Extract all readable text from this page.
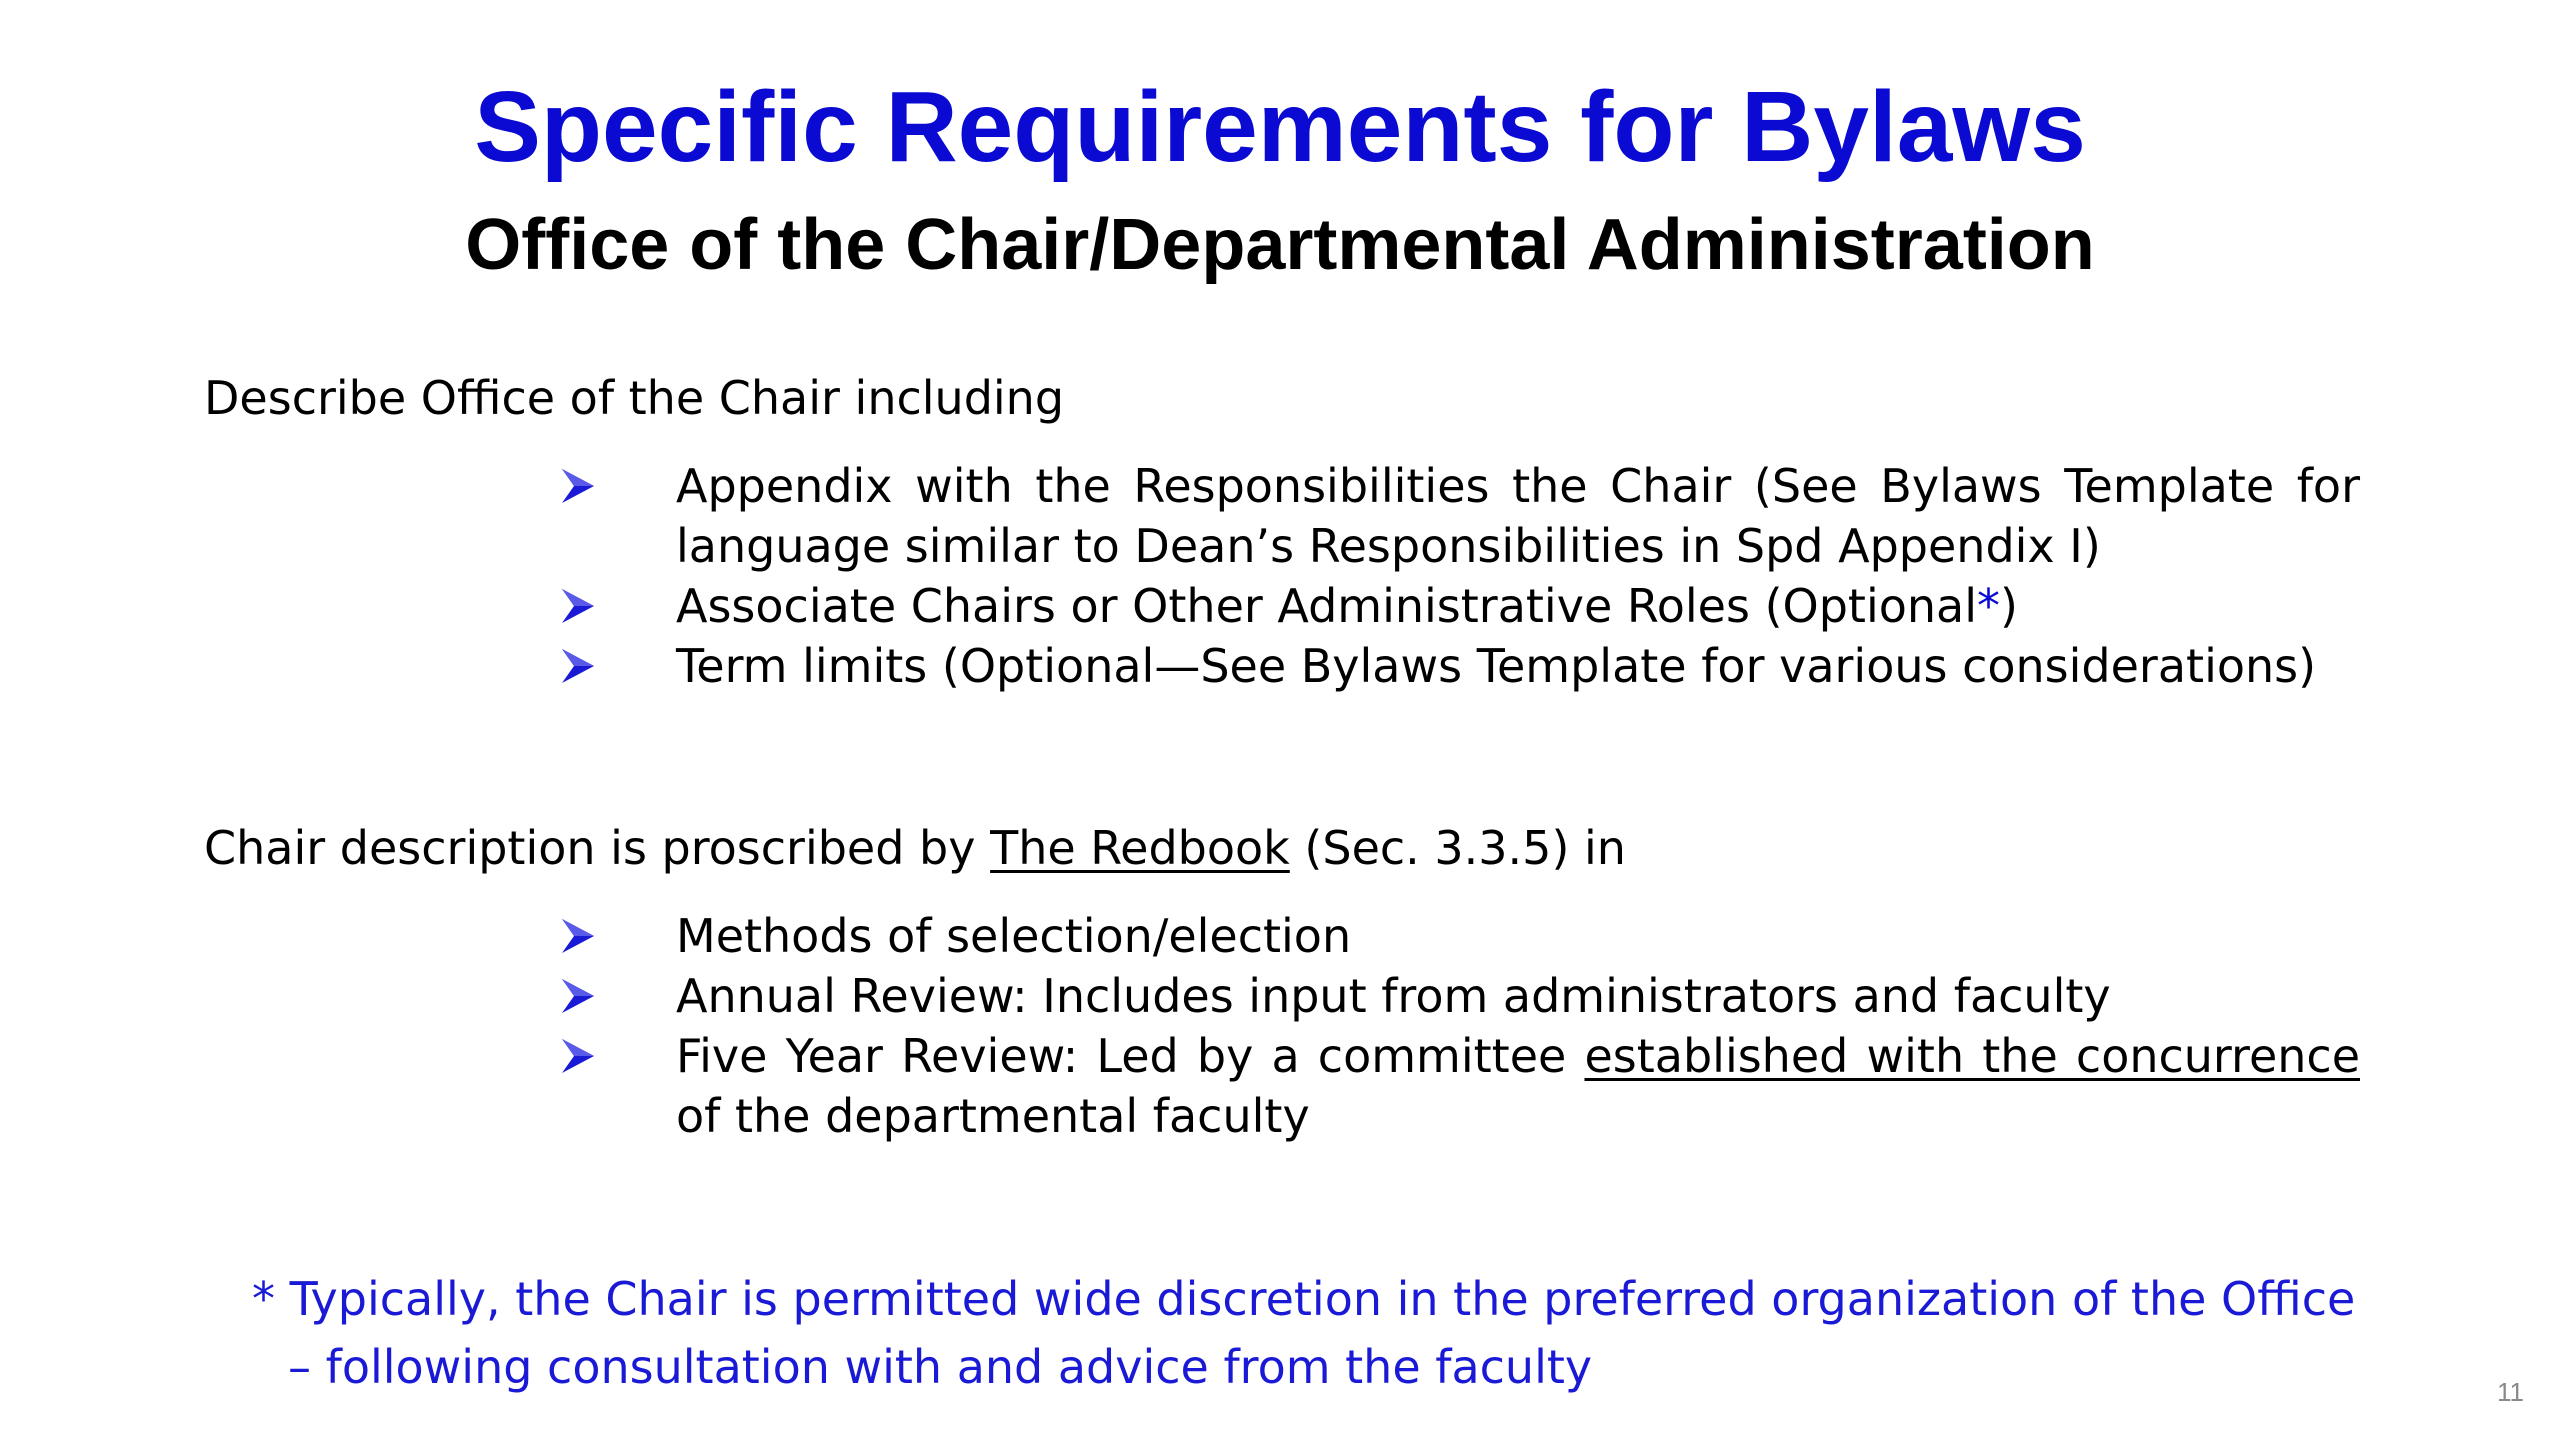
Specific Requirements for Bylaws
Office of the Chair/Departmental Administration
Describe Office of the Chair including
Appendix with the Responsibilities the Chair (See Bylaws Template for language similar to Dean’s Responsibilities in Spd Appendix I)
Associate Chairs or Other Administrative Roles (Optional*)
Term limits (Optional—See Bylaws Template for various considerations)
Chair description is proscribed by The Redbook (Sec. 3.3.5) in
Methods of selection/election
Annual Review: Includes input from administrators and faculty
Five Year Review: Led by a committee established with the concurrence of the departmental faculty
* Typically, the Chair is permitted wide discretion in the preferred organization of the Office
– following consultation with and advice from the faculty	11
